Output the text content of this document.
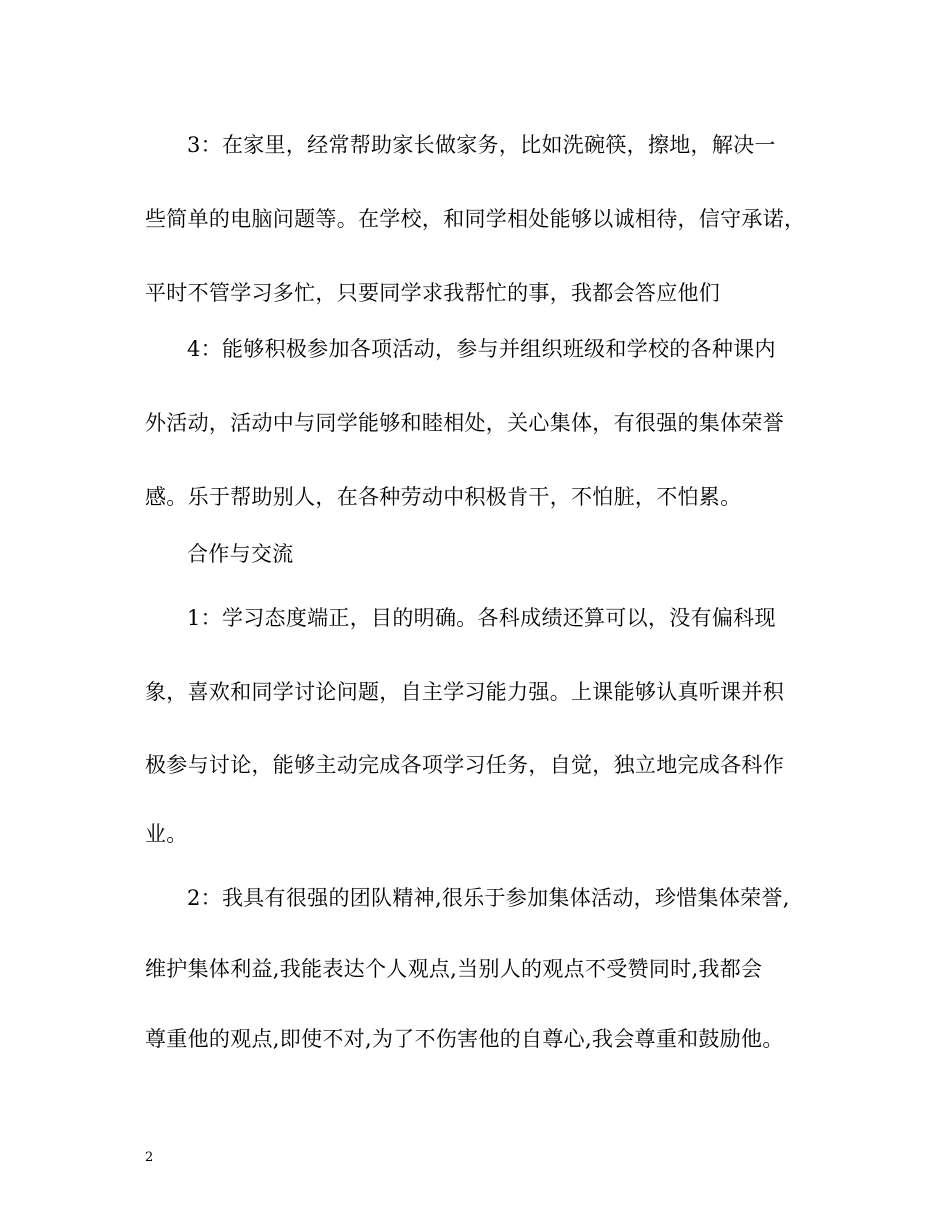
3：在家里，经常帮助家长做家务，比如洗碗筷，擦地，解决一
些简单的电脑问题等。在学校，和同学相处能够以诚相待，信守承诺，
平时不管学习多忙，只要同学求我帮忙的事，我都会答应他们
4：能够积极参加各项活动，参与并组织班级和学校的各种课内
外活动，活动中与同学能够和睦相处，关心集体，有很强的集体荣誉
感。乐于帮助别人，在各种劳动中积极肯干，不怕脏，不怕累。
合作与交流
1：学习态度端正，目的明确。各科成绩还算可以，没有偏科现
象，喜欢和同学讨论问题，自主学习能力强。上课能够认真听课并积
极参与讨论，能够主动完成各项学习任务，自觉，独立地完成各科作
业。
2：我具有很强的团队精神,很乐于参加集体活动，珍惜集体荣誉,
维护集体利益,我能表达个人观点,当别人的观点不受赞同时,我都会
尊重他的观点,即使不对,为了不伤害他的自尊心,我会尊重和鼓励他。
2
